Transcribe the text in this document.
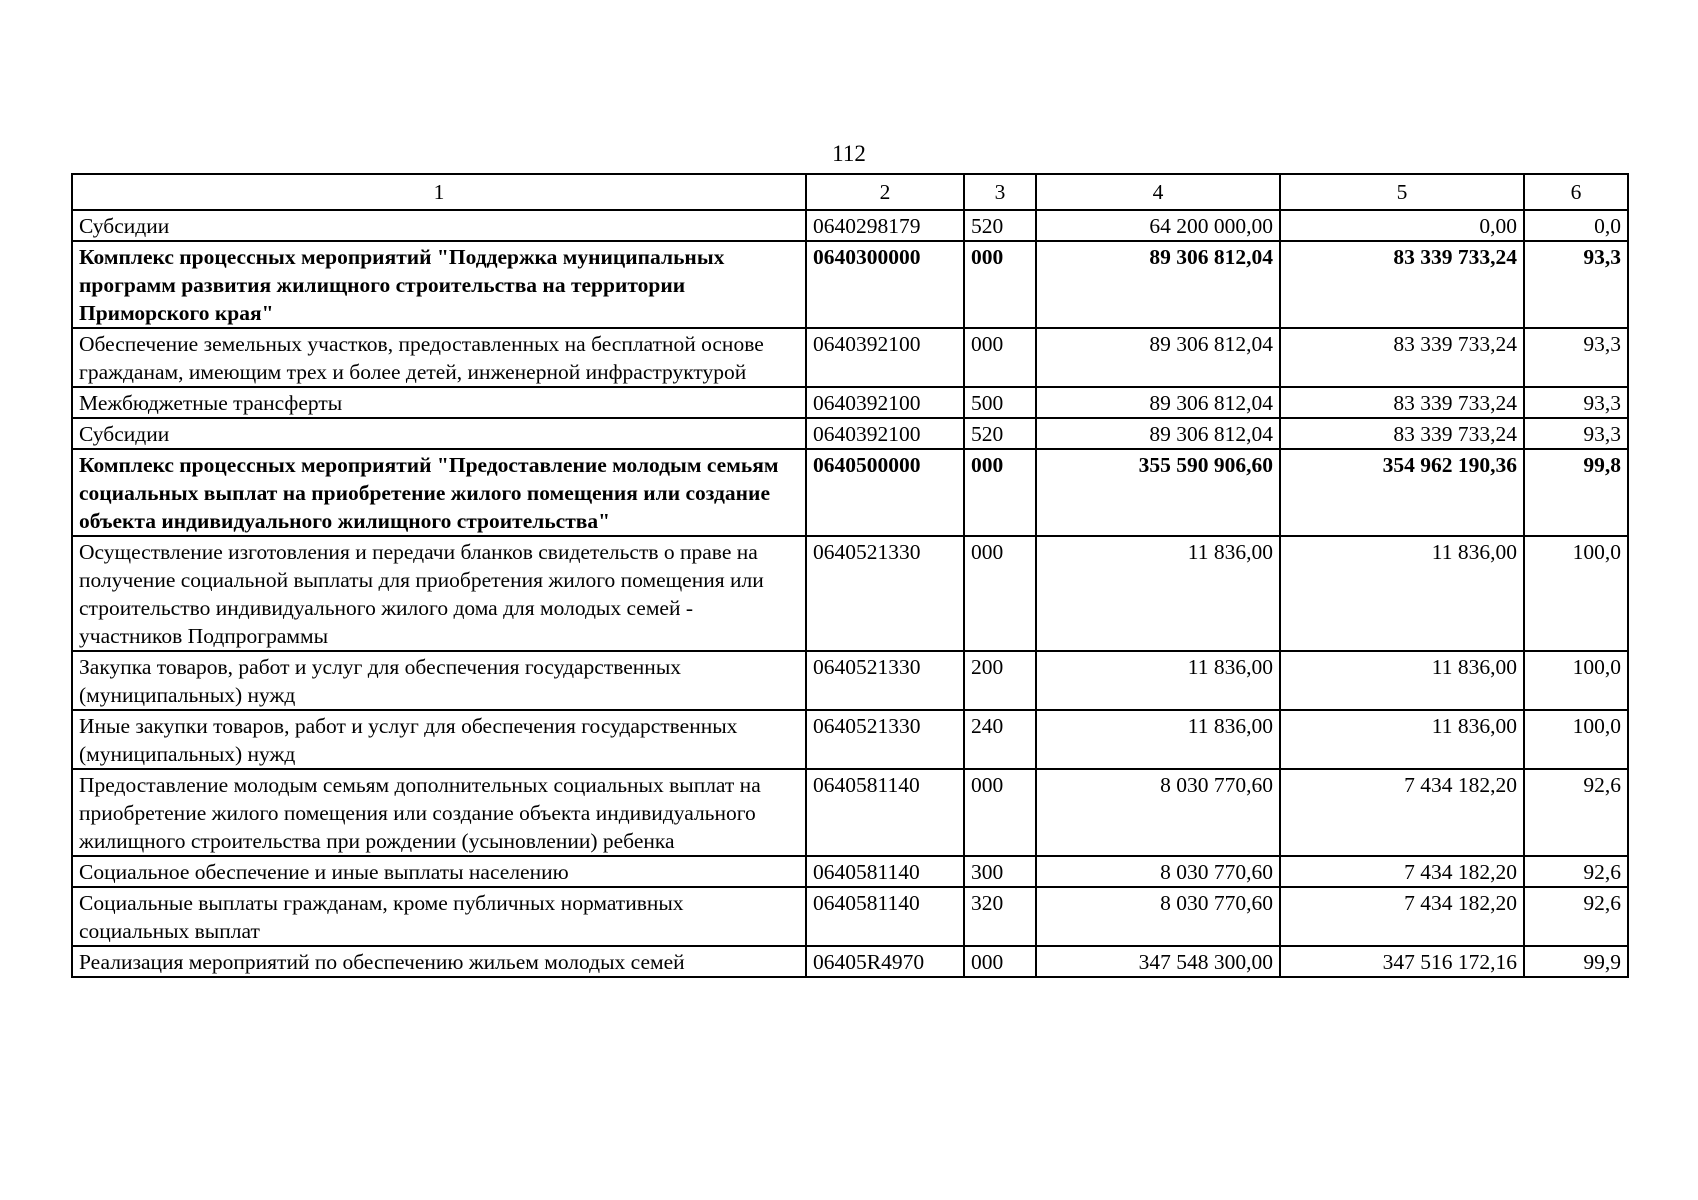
112
1	2	3	4	5	6
Субсидии	0640298179	520	64 200 000,00	0,00	0,0
Комплекс процессных мероприятий "Поддержка муниципальных программ развития жилищного строительства на территории Приморского края"	0640300000	000	89 306 812,04	83 339 733,24	93,3
Обеспечение земельных участков, предоставленных на бесплатной основе гражданам, имеющим трех и более детей, инженерной инфраструктурой	0640392100	000	89 306 812,04	83 339 733,24	93,3
Межбюджетные трансферты	0640392100	500	89 306 812,04	83 339 733,24	93,3
Субсидии	0640392100	520	89 306 812,04	83 339 733,24	93,3
Комплекс процессных мероприятий "Предоставление молодым семьям социальных выплат на приобретение жилого помещения или создание объекта индивидуального жилищного строительства"	0640500000	000	355 590 906,60	354 962 190,36	99,8
Осуществление изготовления и передачи бланков свидетельств о праве на получение социальной выплаты для приобретения жилого помещения или строительство индивидуального жилого дома для молодых семей - участников Подпрограммы	0640521330	000	11 836,00	11 836,00	100,0
Закупка товаров, работ и услуг для обеспечения государственных (муниципальных) нужд	0640521330	200	11 836,00	11 836,00	100,0
Иные закупки товаров, работ и услуг для обеспечения государственных (муниципальных) нужд	0640521330	240	11 836,00	11 836,00	100,0
Предоставление молодым семьям дополнительных социальных выплат на приобретение жилого помещения или создание объекта индивидуального жилищного строительства при рождении (усыновлении) ребенка	0640581140	000	8 030 770,60	7 434 182,20	92,6
Социальное обеспечение и иные выплаты населению	0640581140	300	8 030 770,60	7 434 182,20	92,6
Социальные выплаты гражданам, кроме публичных нормативных социальных выплат	0640581140	320	8 030 770,60	7 434 182,20	92,6
Реализация мероприятий по обеспечению жильем молодых семей	06405R4970	000	347 548 300,00	347 516 172,16	99,9
